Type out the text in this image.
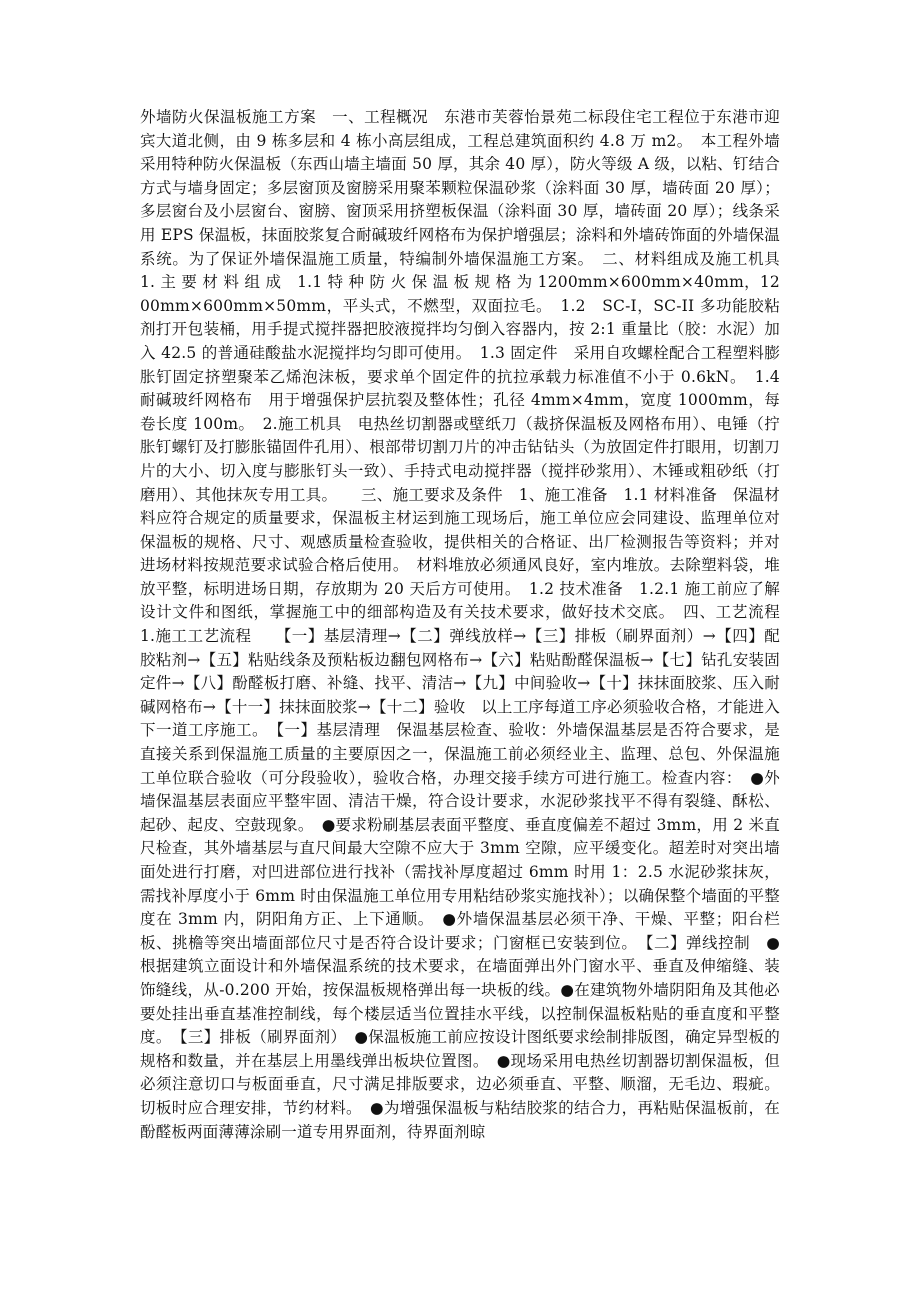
外墙防火保温板施工方案　一、工程概况　东港市芙蓉怡景苑二标段住宅工程位于东港市迎宾大道北侧，由 9 栋多层和 4 栋小高层组成，工程总建筑面积约 4.8 万 m2。　本工程外墙采用特种防火保温板（东西山墙主墙面 50 厚，其余 40 厚），防火等级 A 级，以粘、钉结合方式与墙身固定；多层窗顶及窗膀采用聚苯颗粒保温砂浆（涂料面 30 厚，墙砖面 20 厚）；多层窗台及小层窗台、窗膀、窗顶采用挤塑板保温（涂料面 30 厚，墙砖面 20 厚）；线条采用 EPS 保温板，抹面胶浆复合耐碱玻纤网格布为保护增强层；涂料和外墙砖饰面的外墙保温系统。为了保证外墙保温施工质量，特编制外墙保温施工方案。　二、材料组成及施工机具　1. 主 要 材 料 组 成　1.1 特 种 防 火 保 温 板 规 格 为 1200mm×600mm×40mm，1200mm×600mm×50mm，平头式，不燃型，双面拉毛。　1.2　SC-I，SC-II 多功能胶粘剂打开包装桶，用手提式搅拌器把胶液搅拌均匀倒入容器内，按 2:1 重量比（胶：水泥）加入 42.5 的普通硅酸盐水泥搅拌均匀即可使用。　1.3 固定件　采用自攻螺栓配合工程塑料膨胀钉固定挤塑聚苯乙烯泡沫板，要求单个固定件的抗拉承载力标准值不小于 0.6kN。　1.4 耐碱玻纤网格布　用于增强保护层抗裂及整体性；孔径 4mm×4mm，宽度 1000mm，每卷长度 100m。　2.施工机具　电热丝切割器或壁纸刀（裁挤保温板及网格布用）、电锤（拧胀钉螺钉及打膨胀锚固件孔用）、根部带切割刀片的冲击钻钻头（为放固定件打眼用，切割刀片的大小、切入度与膨胀钉头一致）、手持式电动搅拌器（搅拌砂浆用）、木锤或粗砂纸（打磨用）、其他抹灰专用工具。　　三、施工要求及条件　1、施工准备　1.1 材料准备　保温材料应符合规定的质量要求，保温板主材运到施工现场后，施工单位应会同建设、监理单位对保温板的规格、尺寸、观感质量检查验收，提供相关的合格证、出厂检测报告等资料；并对进场材料按规范要求试验合格后使用。　材料堆放必须通风良好，室内堆放。去除塑料袋，堆放平整，标明进场日期，存放期为 20 天后方可使用。　1.2 技术准备　1.2.1 施工前应了解设计文件和图纸，掌握施工中的细部构造及有关技术要求，做好技术交底。　四、工艺流程　1.施工工艺流程　　【一】基层清理→【二】弹线放样→【三】排板（刷界面剂）→【四】配胶粘剂→【五】粘贴线条及预粘板边翻包网格布→【六】粘贴酚醛保温板→【七】钻孔安装固定件→【八】酚醛板打磨、补缝、找平、清洁→【九】中间验收→【十】抹抹面胶浆、压入耐碱网格布→【十一】抹抹面胶浆→【十二】验收　以上工序每道工序必须验收合格，才能进入下一道工序施工。　【一】基层清理　保温基层检查、验收：外墙保温基层是否符合要求，是直接关系到保温施工质量的主要原因之一，保温施工前必须经业主、监理、总包、外保温施工单位联合验收（可分段验收），验收合格，办理交接手续方可进行施工。检查内容：　●外墙保温基层表面应平整牢固、清洁干燥，符合设计要求，水泥砂浆找平不得有裂缝、酥松、起砂、起皮、空鼓现象。　●要求粉刷基层表面平整度、垂直度偏差不超过 3mm，用 2 米直尺检查，其外墙基层与直尺间最大空隙不应大于 3mm 空隙，应平缓变化。超差时对突出墙面处进行打磨，对凹进部位进行找补（需找补厚度超过 6mm 时用 1：2.5 水泥砂浆抹灰，需找补厚度小于 6mm 时由保温施工单位用专用粘结砂浆实施找补）；以确保整个墙面的平整度在 3mm 内，阴阳角方正、上下通顺。　●外墙保温基层必须干净、干燥、平整；阳台栏板、挑檐等突出墙面部位尺寸是否符合设计要求；门窗框已安装到位。　【二】弹线控制　●根据建筑立面设计和外墙保温系统的技术要求，在墙面弹出外门窗水平、垂直及伸缩缝、装饰缝线，从-0.200 开始，按保温板规格弹出每一块板的线。●在建筑物外墙阴阳角及其他必要处挂出垂直基准控制线，每个楼层适当位置挂水平线，以控制保温板粘贴的垂直度和平整度。　【三】排板（刷界面剂）　●保温板施工前应按设计图纸要求绘制排版图，确定异型板的规格和数量，并在基层上用墨线弹出板块位置图。　●现场采用电热丝切割器切割保温板，但必须注意切口与板面垂直，尺寸满足排版要求，边必须垂直、平整、顺溜，无毛边、瑕疵。切板时应合理安排，节约材料。　●为增强保温板与粘结胶浆的结合力，再粘贴保温板前，在酚醛板两面薄薄涂刷一道专用界面剂，待界面剂晾
